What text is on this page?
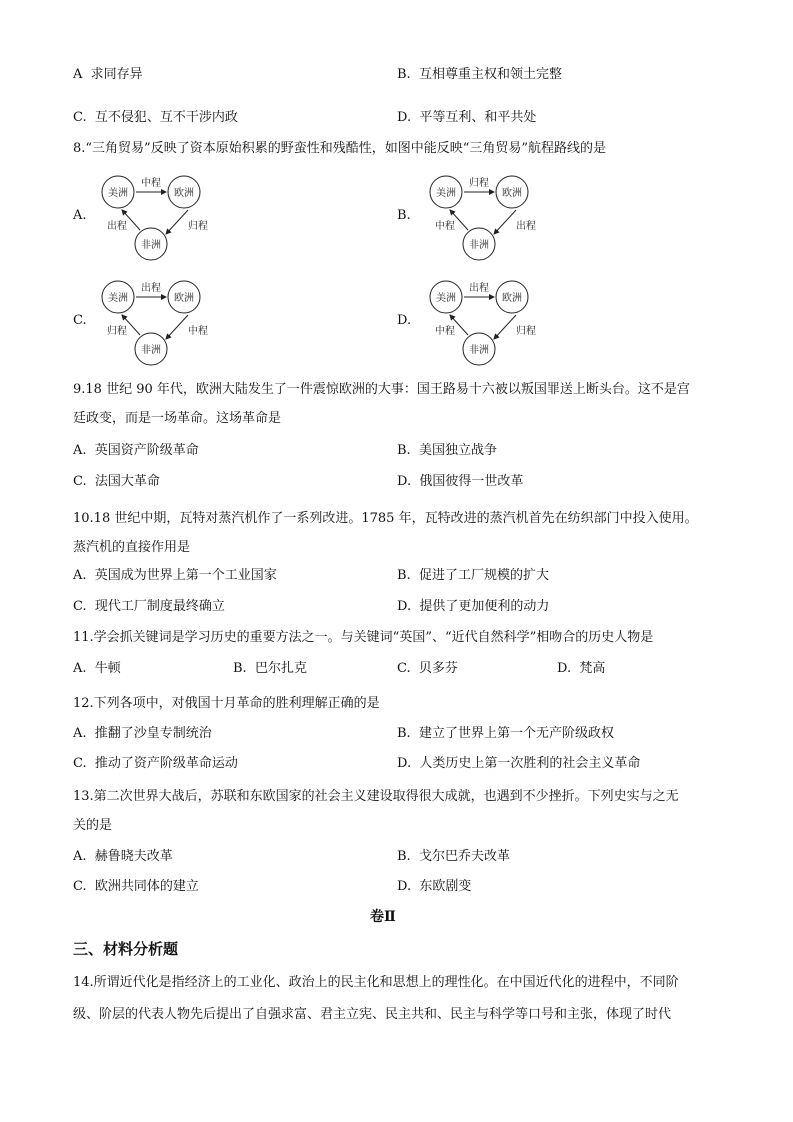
A 求同存异	B. 互相尊重主权和领土完整
C. 互不侵犯、互不干涉内政	D. 平等互利、和平共处
8.“三角贸易”反映了资本原始积累的野蛮性和残酷性，如图中能反映“三角贸易”航程路线的是
A.
美洲	欧洲
非洲
中程
出程	归程
B.
美洲	欧洲
非洲
归程
中程	出程
C.
美洲	欧洲
非洲
出程
归程	中程
D.
美洲	欧洲
非洲
出程
中程	归程
9.18 世纪 90 年代，欧洲大陆发生了一件震惊欧洲的大事：国王路易十六被以叛国罪送上断头台。这不是宫
廷政变，而是一场革命。这场革命是
A. 英国资产阶级革命	B. 美国独立战争
C. 法国大革命	D. 俄国彼得一世改革
10.18 世纪中期，瓦特对蒸汽机作了一系列改进。1785 年，瓦特改进的蒸汽机首先在纺织部门中投入使用。
蒸汽机的直接作用是
A. 英国成为世界上第一个工业国家	B. 促进了工厂规模的扩大
C. 现代工厂制度最终确立	D. 提供了更加便利的动力
11.学会抓关键词是学习历史的重要方法之一。与关键词“英国”、“近代自然科学”相吻合的历史人物是
A. 牛顿	B. 巴尔扎克	C. 贝多芬	D. 梵高
12.下列各项中，对俄国十月革命的胜利理解正确的是
A. 推翻了沙皇专制统治	B. 建立了世界上第一个无产阶级政权
C. 推动了资产阶级革命运动	D. 人类历史上第一次胜利的社会主义革命
13.第二次世界大战后，苏联和东欧国家的社会主义建设取得很大成就，也遇到不少挫折。下列史实与之无
关的是
A. 赫鲁晓夫改革	B. 戈尔巴乔夫改革
C. 欧洲共同体的建立	D. 东欧剧变
卷Ⅱ
三、材料分析题
14.所谓近代化是指经济上的工业化、政治上的民主化和思想上的理性化。在中国近代化的进程中，不同阶
级、阶层的代表人物先后提出了自强求富、君主立宪、民主共和、民主与科学等口号和主张，体现了时代
